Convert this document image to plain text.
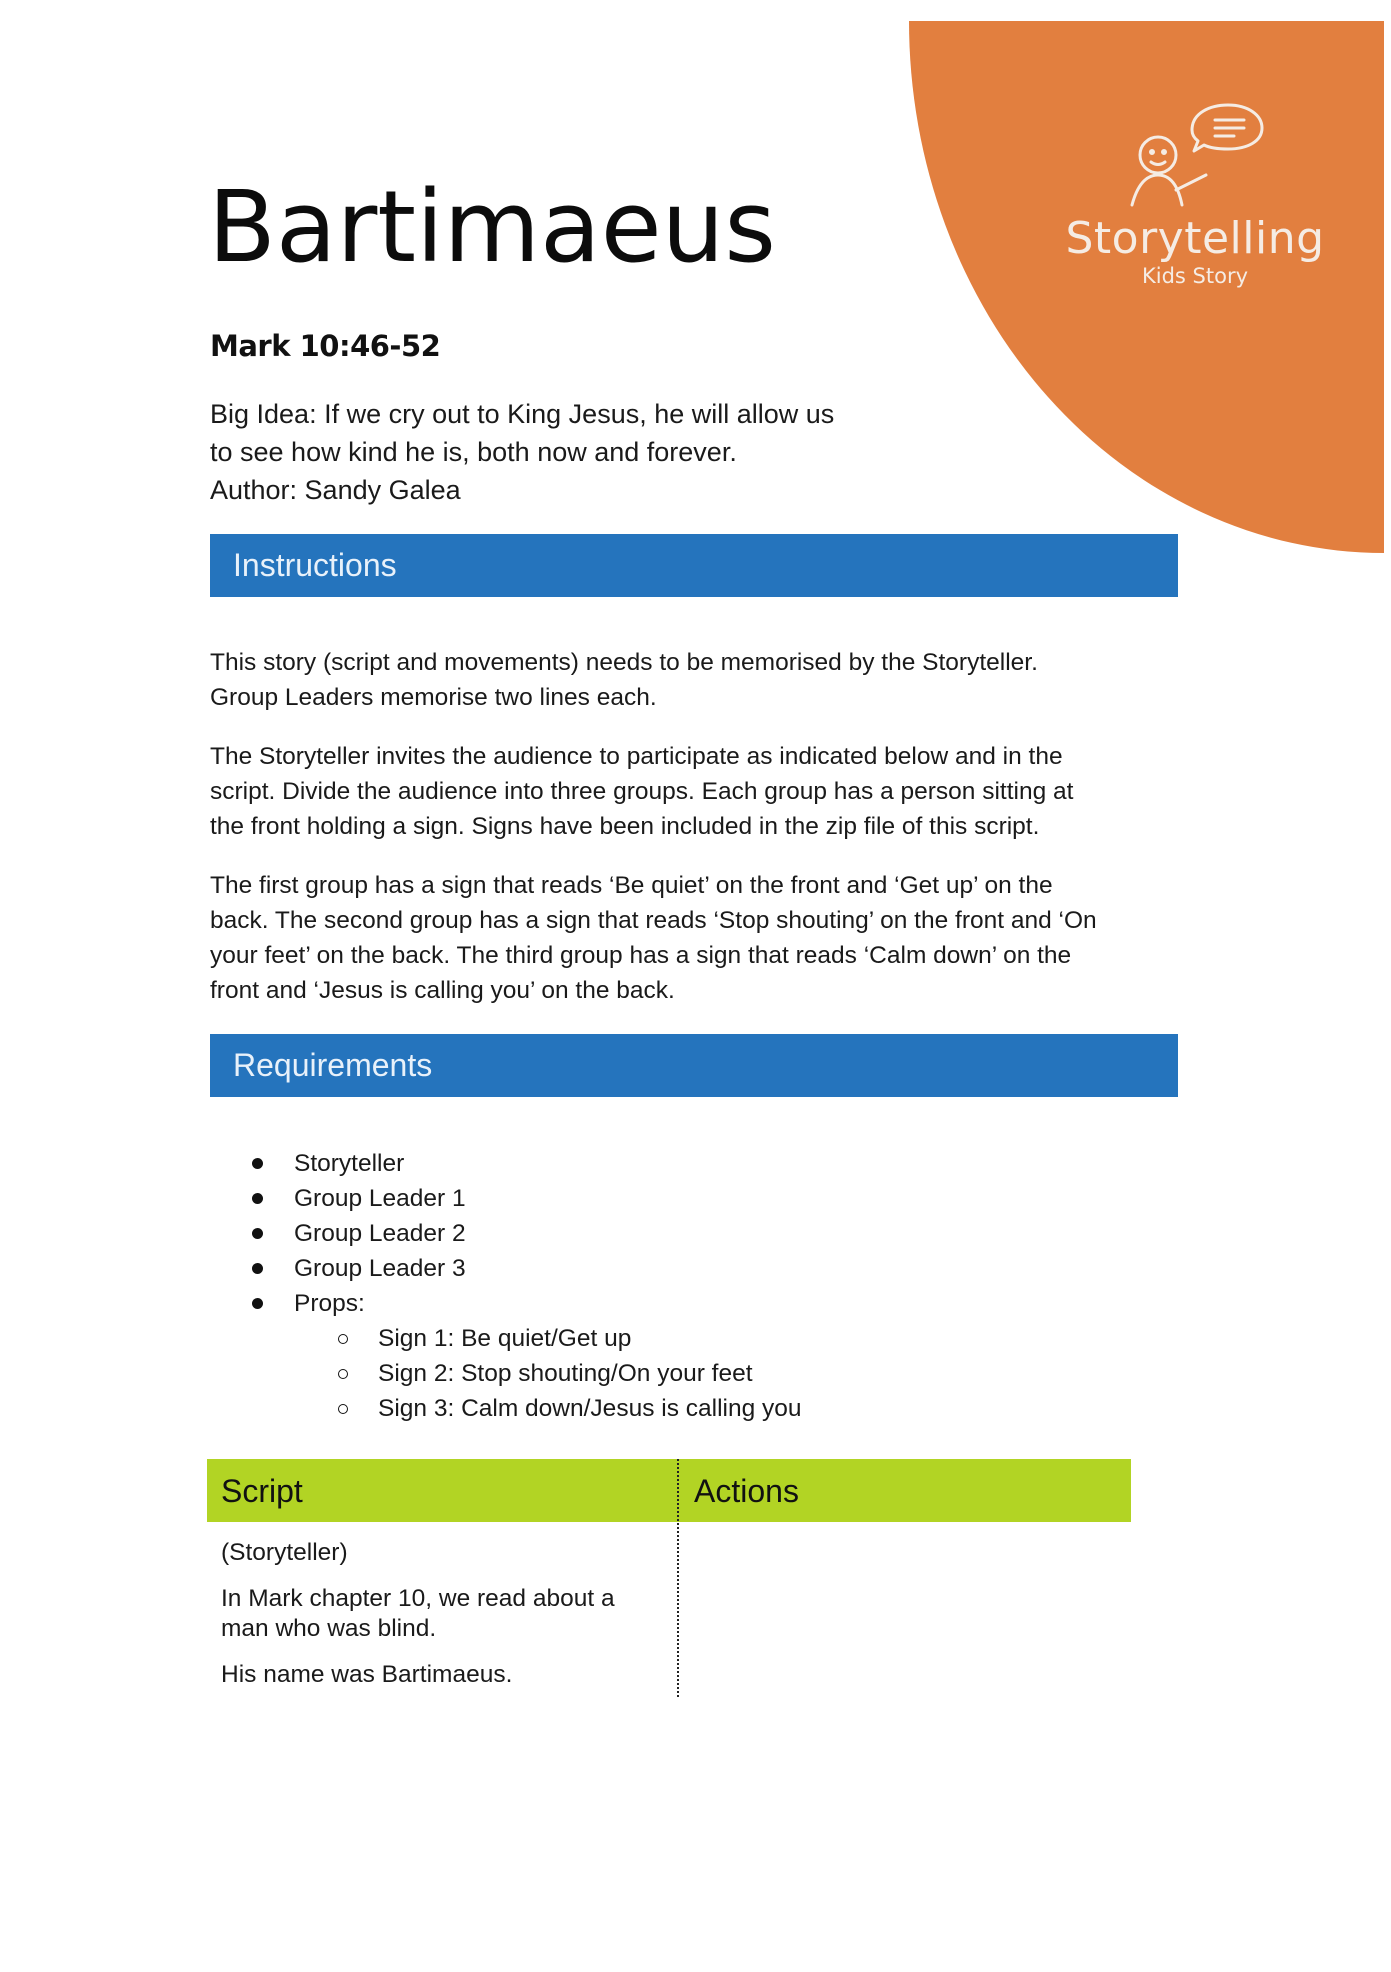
Storytelling
Kids Story
Bartimaeus
Mark 10:46-52
Big Idea: If we cry out to King Jesus, he will allow us
to see how kind he is, both now and forever.
Author: Sandy Galea
Instructions

This story (script and movements) needs to be memorised by the Storyteller.
Group Leaders memorise two lines each.

The Storyteller invites the audience to participate as indicated below and in the
script. Divide the audience into three groups. Each group has a person sitting at
the front holding a sign. Signs have been included in the zip file of this script.

The first group has a sign that reads ‘Be quiet’ on the front and ‘Get up’ on the
back. The second group has a sign that reads ‘Stop shouting’ on the front and ‘On
your feet’ on the back. The third group has a sign that reads ‘Calm down’ on the
front and ‘Jesus is calling you’ on the back.

Requirements
Storyteller
Group Leader 1
Group Leader 2
Group Leader 3
Props:
Sign 1: Be quiet/Get up
Sign 2: Stop shouting/On your feet
Sign 3: Calm down/Jesus is calling you
Script	Actions

(Storyteller)

In Mark chapter 10, we read about a man who was blind.

His name was Bartimaeus.
